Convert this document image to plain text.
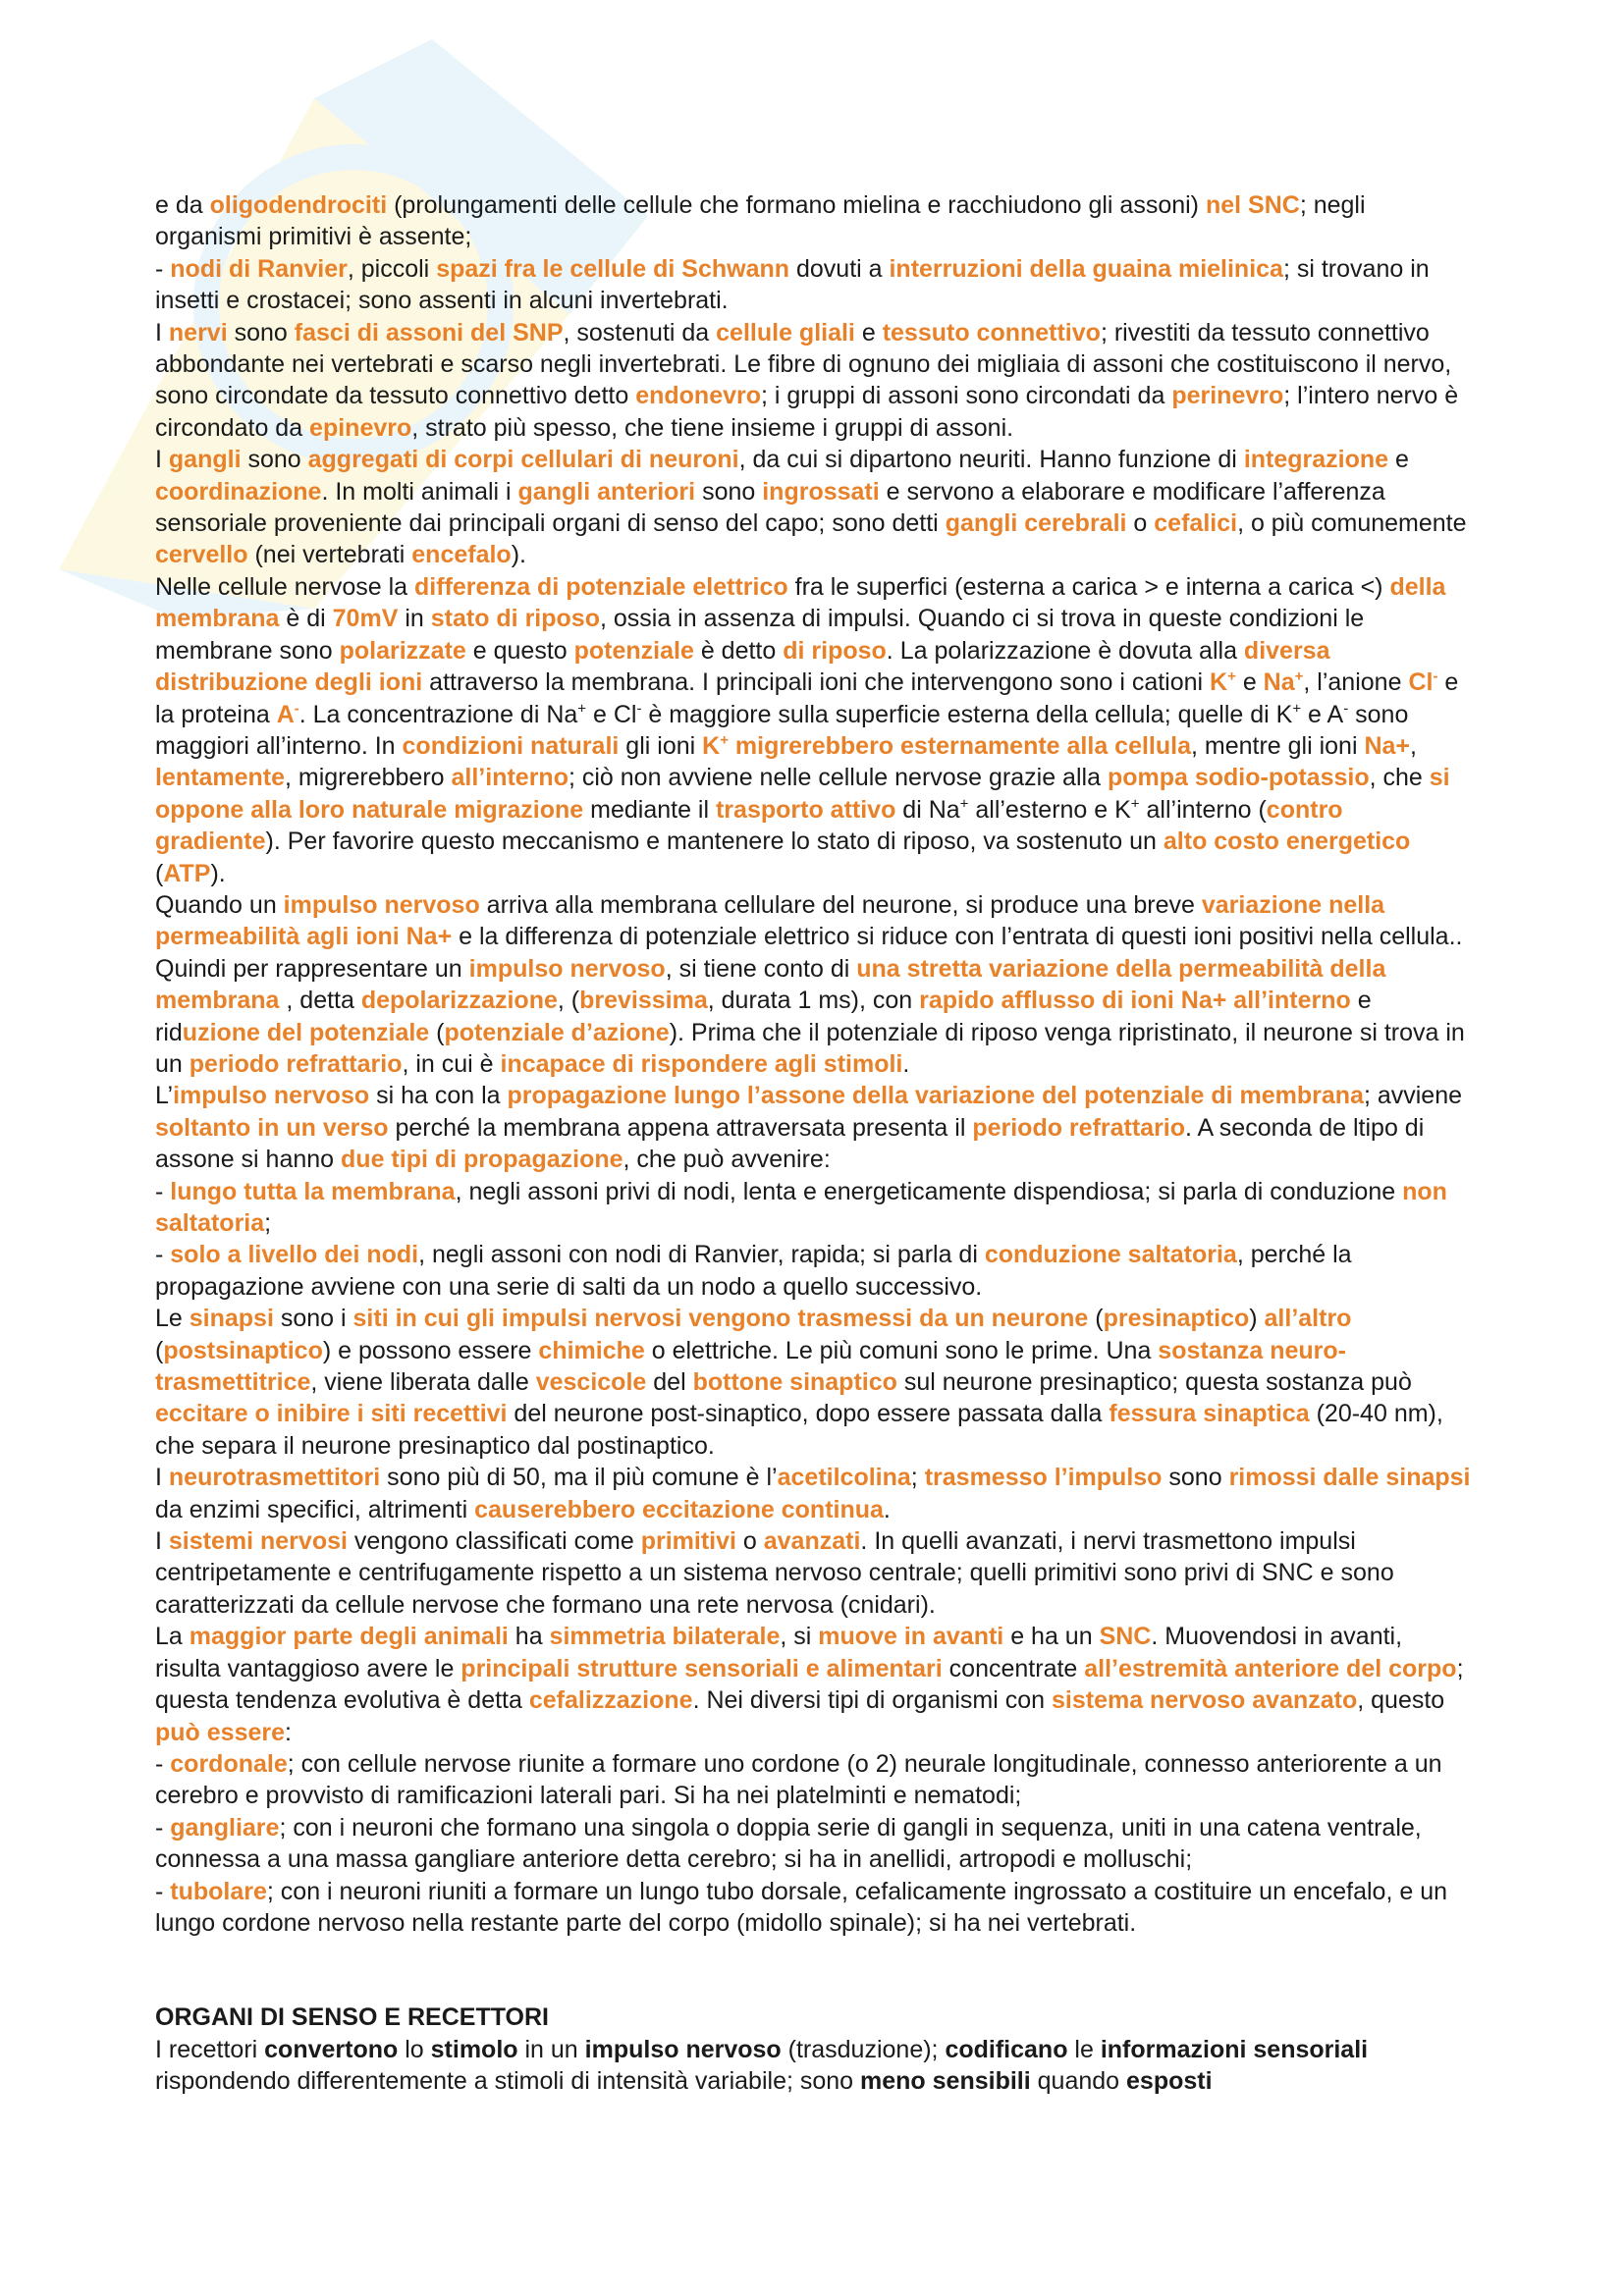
e da oligodendrociti (prolungamenti delle cellule che formano mielina e racchiudono gli assoni) nel SNC; negli organismi primitivi è assente;

- nodi di Ranvier, piccoli spazi fra le cellule di Schwann dovuti a interruzioni della guaina mielinica; si trovano in insetti e crostacei; sono assenti in alcuni invertebrati.

I nervi sono fasci di assoni del SNP, sostenuti da cellule gliali e tessuto connettivo; rivestiti da tessuto connettivo abbondante nei vertebrati e scarso negli invertebrati. Le fibre di ognuno dei migliaia di assoni che costituiscono il nervo, sono circondate da tessuto connettivo detto endonevro; i gruppi di assoni sono circondati da perinevro; l’intero nervo è circondato da epinevro, strato più spesso, che tiene insieme i gruppi di assoni.

I gangli sono aggregati di corpi cellulari di neuroni, da cui si dipartono neuriti. Hanno funzione di integrazione e coordinazione. In molti animali i gangli anteriori sono ingrossati e servono a elaborare e modificare l’afferenza sensoriale proveniente dai principali organi di senso del capo; sono detti gangli cerebrali o cefalici, o più comunemente cervello (nei vertebrati encefalo).

Nelle cellule nervose la differenza di potenziale elettrico fra le superfici (esterna a carica > e interna a carica <) della membrana è di 70mV in stato di riposo, ossia in assenza di impulsi. Quando ci si trova in queste condizioni le membrane sono polarizzate e questo potenziale è detto di riposo. La polarizzazione è dovuta alla diversa distribuzione degli ioni attraverso la membrana. I principali ioni che intervengono sono i cationi K+ e Na+, l’anione Cl- e la proteina A-. La concentrazione di Na+ e Cl- è maggiore sulla superficie esterna della cellula; quelle di K+ e A- sono maggiori all’interno. In condizioni naturali gli ioni K+ migrerebbero esternamente alla cellula, mentre gli ioni Na+, lentamente, migrerebbero all’interno; ciò non avviene nelle cellule nervose grazie alla pompa sodio-potassio, che si oppone alla loro naturale migrazione mediante il trasporto attivo di Na+ all’esterno e K+ all’interno (contro gradiente). Per favorire questo meccanismo e mantenere lo stato di riposo, va sostenuto un alto costo energetico (ATP).

Quando un impulso nervoso arriva alla membrana cellulare del neurone, si produce una breve variazione nella permeabilità agli ioni Na+ e la differenza di potenziale elettrico si riduce con l’entrata di questi ioni positivi nella cellula.. Quindi per rappresentare un impulso nervoso, si tiene conto di una stretta variazione della permeabilità della membrana , detta depolarizzazione, (brevissima, durata 1 ms), con rapido afflusso di ioni Na+ all’interno e riduzione del potenziale (potenziale d’azione). Prima che il potenziale di riposo venga ripristinato, il neurone si trova in un periodo refrattario, in cui è incapace di rispondere agli stimoli.

L’impulso nervoso si ha con la propagazione lungo l’assone della variazione del potenziale di membrana; avviene soltanto in un verso perché la membrana appena attraversata presenta il periodo refrattario. A seconda de ltipo di assone si hanno due tipi di propagazione, che può avvenire:

- lungo tutta la membrana, negli assoni privi di nodi, lenta e energeticamente dispendiosa; si parla di conduzione non saltatoria;

- solo a livello dei nodi, negli assoni con nodi di Ranvier, rapida; si parla di conduzione saltatoria, perché la propagazione avviene con una serie di salti da un nodo a quello successivo.

Le sinapsi sono i siti in cui gli impulsi nervosi vengono trasmessi da un neurone (presinaptico) all’altro (postsinaptico) e possono essere chimiche o elettriche. Le più comuni sono le prime. Una sostanza neuro-trasmettitrice, viene liberata dalle vescicole del bottone sinaptico sul neurone presinaptico; questa sostanza può eccitare o inibire i siti recettivi del neurone post-sinaptico, dopo essere passata dalla fessura sinaptica (20-40 nm), che separa il neurone presinaptico dal postinaptico.

I neurotrasmettitori sono più di 50, ma il più comune è l’acetilcolina; trasmesso l’impulso sono rimossi dalle sinapsi da enzimi specifici, altrimenti causerebbero eccitazione continua.

I sistemi nervosi vengono classificati come primitivi o avanzati. In quelli avanzati, i nervi trasmettono impulsi centripetamente e centrifugamente rispetto a un sistema nervoso centrale; quelli primitivi sono privi di SNC e sono caratterizzati da cellule nervose che formano una rete nervosa (cnidari).

La maggior parte degli animali ha simmetria bilaterale, si muove in avanti e ha un SNC. Muovendosi in avanti, risulta vantaggioso avere le principali strutture sensoriali e alimentari concentrate all’estremità anteriore del corpo; questa tendenza evolutiva è detta cefalizzazione. Nei diversi tipi di organismi con sistema nervoso avanzato, questo può essere:

- cordonale; con cellule nervose riunite a formare uno cordone (o 2) neurale longitudinale, connesso anteriorente a un cerebro e provvisto di ramificazioni laterali pari. Si ha nei platelminti e nematodi;

- gangliare; con i neuroni che formano una singola o doppia serie di gangli in sequenza, uniti in una catena ventrale, connessa a una massa gangliare anteriore detta cerebro; si ha in anellidi, artropodi e molluschi;

- tubolare; con i neuroni riuniti a formare un lungo tubo dorsale, cefalicamente ingrossato a costituire un encefalo, e un lungo cordone nervoso nella restante parte del corpo (midollo spinale); si ha nei vertebrati.

ORGANI DI SENSO E RECETTORI

I recettori convertono lo stimolo in un impulso nervoso (trasduzione); codificano le informazioni sensoriali rispondendo differentemente a stimoli di intensità variabile; sono meno sensibili quando esposti
